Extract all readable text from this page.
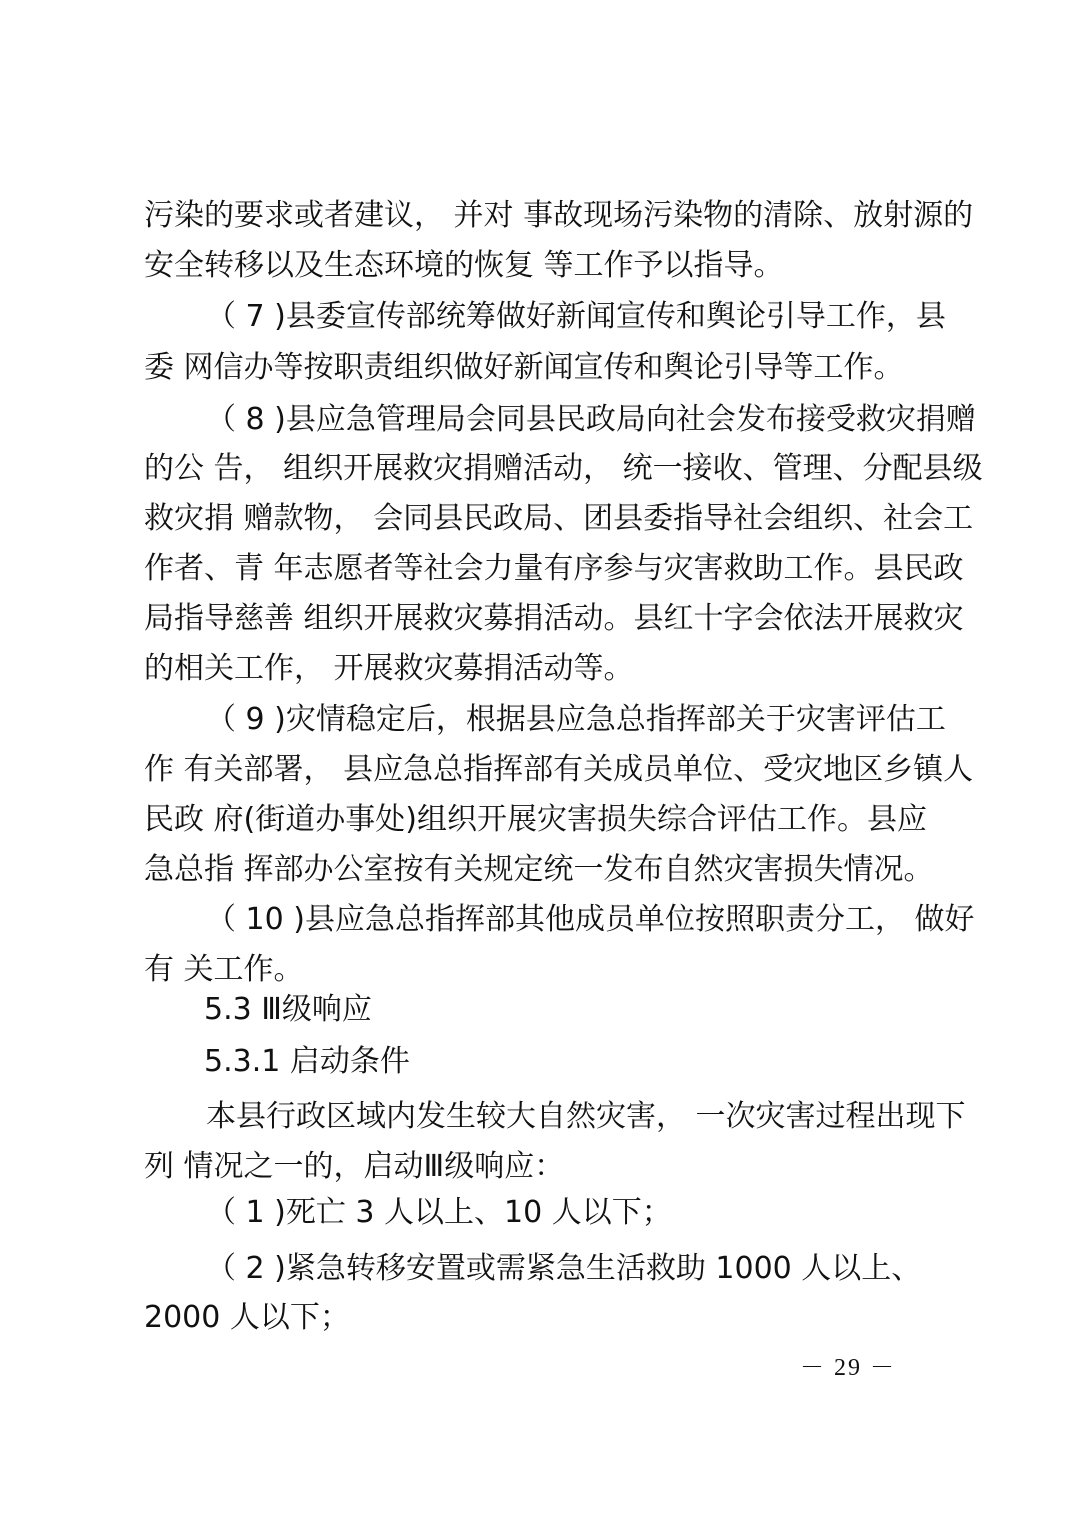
污染的要求或者建议， 并对 事故现场污染物的清除、放射源的
安全转移以及生态环境的恢复 等工作予以指导。
（ 7 )县委宣传部统筹做好新闻宣传和舆论引导工作，县
委 网信办等按职责组织做好新闻宣传和舆论引导等工作。
（ 8 )县应急管理局会同县民政局向社会发布接受救灾捐赠
的公 告， 组织开展救灾捐赠活动， 统一接收、管理、分配县级
救灾捐 赠款物， 会同县民政局、团县委指导社会组织、社会工
作者、青 年志愿者等社会力量有序参与灾害救助工作。县民政
局指导慈善 组织开展救灾募捐活动。县红十字会依法开展救灾
的相关工作， 开展救灾募捐活动等。
（ 9 )灾情稳定后，根据县应急总指挥部关于灾害评估工
作 有关部署， 县应急总指挥部有关成员单位、受灾地区乡镇人
民政 府(街道办事处)组织开展灾害损失综合评估工作。县应
急总指 挥部办公室按有关规定统一发布自然灾害损失情况。
（ 10 )县应急总指挥部其他成员单位按照职责分工， 做好
有 关工作。
5.3 Ⅲ级响应
5.3.1 启动条件
本县行政区域内发生较大自然灾害， 一次灾害过程出现下
列 情况之一的，启动Ⅲ级响应：
（ 1 )死亡 3 人以上、10 人以下；
（ 2 )紧急转移安置或需紧急生活救助 1000 人以上、
2000 人以下；
－ 29 －
